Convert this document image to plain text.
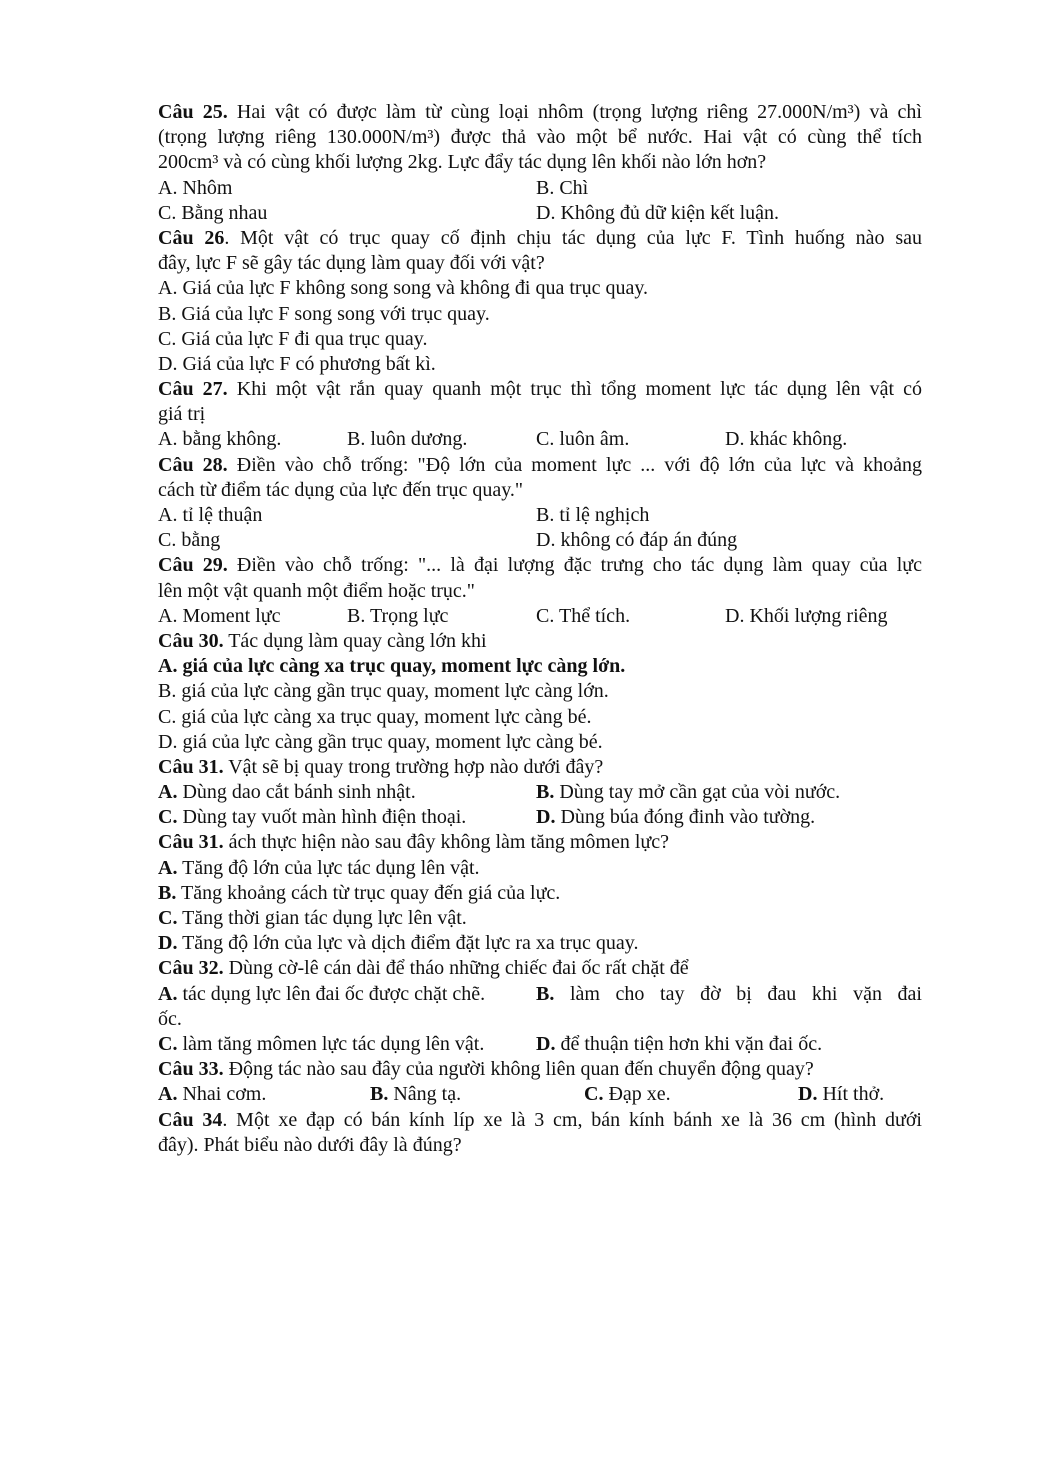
Câu 25. Hai vật có được làm từ cùng loại nhôm (trọng lượng riêng 27.000N/m³) và chì
(trọng lượng riêng 130.000N/m³) được thả vào một bể nước. Hai vật có cùng thể tích
200cm³ và có cùng khối lượng 2kg. Lực đẩy tác dụng lên khối nào lớn hơn?
A. Nhôm	B. Chì
C. Bằng nhau	D. Không đủ dữ kiện kết luận.
Câu 26. Một vật có trục quay cố định chịu tác dụng của lực F. Tình huống nào sau
đây, lực F sẽ gây tác dụng làm quay đối với vật?
A. Giá của lực F không song song và không đi qua trục quay.
B. Giá của lực F song song với trục quay.
C. Giá của lực F đi qua trục quay.
D. Giá của lực F có phương bất kì.
Câu 27. Khi một vật rắn quay quanh một trục thì tổng moment lực tác dụng lên vật có
giá trị
A. bằng không.	B. luôn dương.	C. luôn âm.	D. khác không.
Câu 28. Điền vào chỗ trống: "Độ lớn của moment lực ... với độ lớn của lực và khoảng
cách từ điểm tác dụng của lực đến trục quay."
A. tỉ lệ thuận	B. tỉ lệ nghịch
C. bằng	D. không có đáp án đúng
Câu 29. Điền vào chỗ trống: "... là đại lượng đặc trưng cho tác dụng làm quay của lực
lên một vật quanh một điểm hoặc trục."
A. Moment lực	B. Trọng lực	C. Thể tích.	D. Khối lượng riêng
Câu 30. Tác dụng làm quay càng lớn khi
A. giá của lực càng xa trục quay, moment lực càng lớn.
B. giá của lực càng gần trục quay, moment lực càng lớn.
C. giá của lực càng xa trục quay, moment lực càng bé.
D. giá của lực càng gần trục quay, moment lực càng bé.
Câu 31. Vật sẽ bị quay trong trường hợp nào dưới đây?
A. Dùng dao cắt bánh sinh nhật.	B. Dùng tay mở cần gạt của vòi nước.
C. Dùng tay vuốt màn hình điện thoại.	D. Dùng búa đóng đinh vào tường.
Câu 31. ách thực hiện nào sau đây không làm tăng mômen lực?
A. Tăng độ lớn của lực tác dụng lên vật.
B. Tăng khoảng cách từ trục quay đến giá của lực.
C. Tăng thời gian tác dụng lực lên vật.
D. Tăng độ lớn của lực và dịch điểm đặt lực ra xa trục quay.
Câu 32. Dùng cờ-lê cán dài để tháo những chiếc đai ốc rất chặt để
A. tác dụng lực lên đai ốc được chặt chẽ.	B. làm cho tay đờ bị đau khi vặn đai
ốc.
C. làm tăng mômen lực tác dụng lên vật.	D. để thuận tiện hơn khi vặn đai ốc.
Câu 33. Động tác nào sau đây của người không liên quan đến chuyển động quay?
A. Nhai cơm.	B. Nâng tạ.	C. Đạp xe.	D. Hít thở.
Câu 34. Một xe đạp có bán kính líp xe là 3 cm, bán kính bánh xe là 36 cm (hình dưới
đây). Phát biểu nào dưới đây là đúng?
